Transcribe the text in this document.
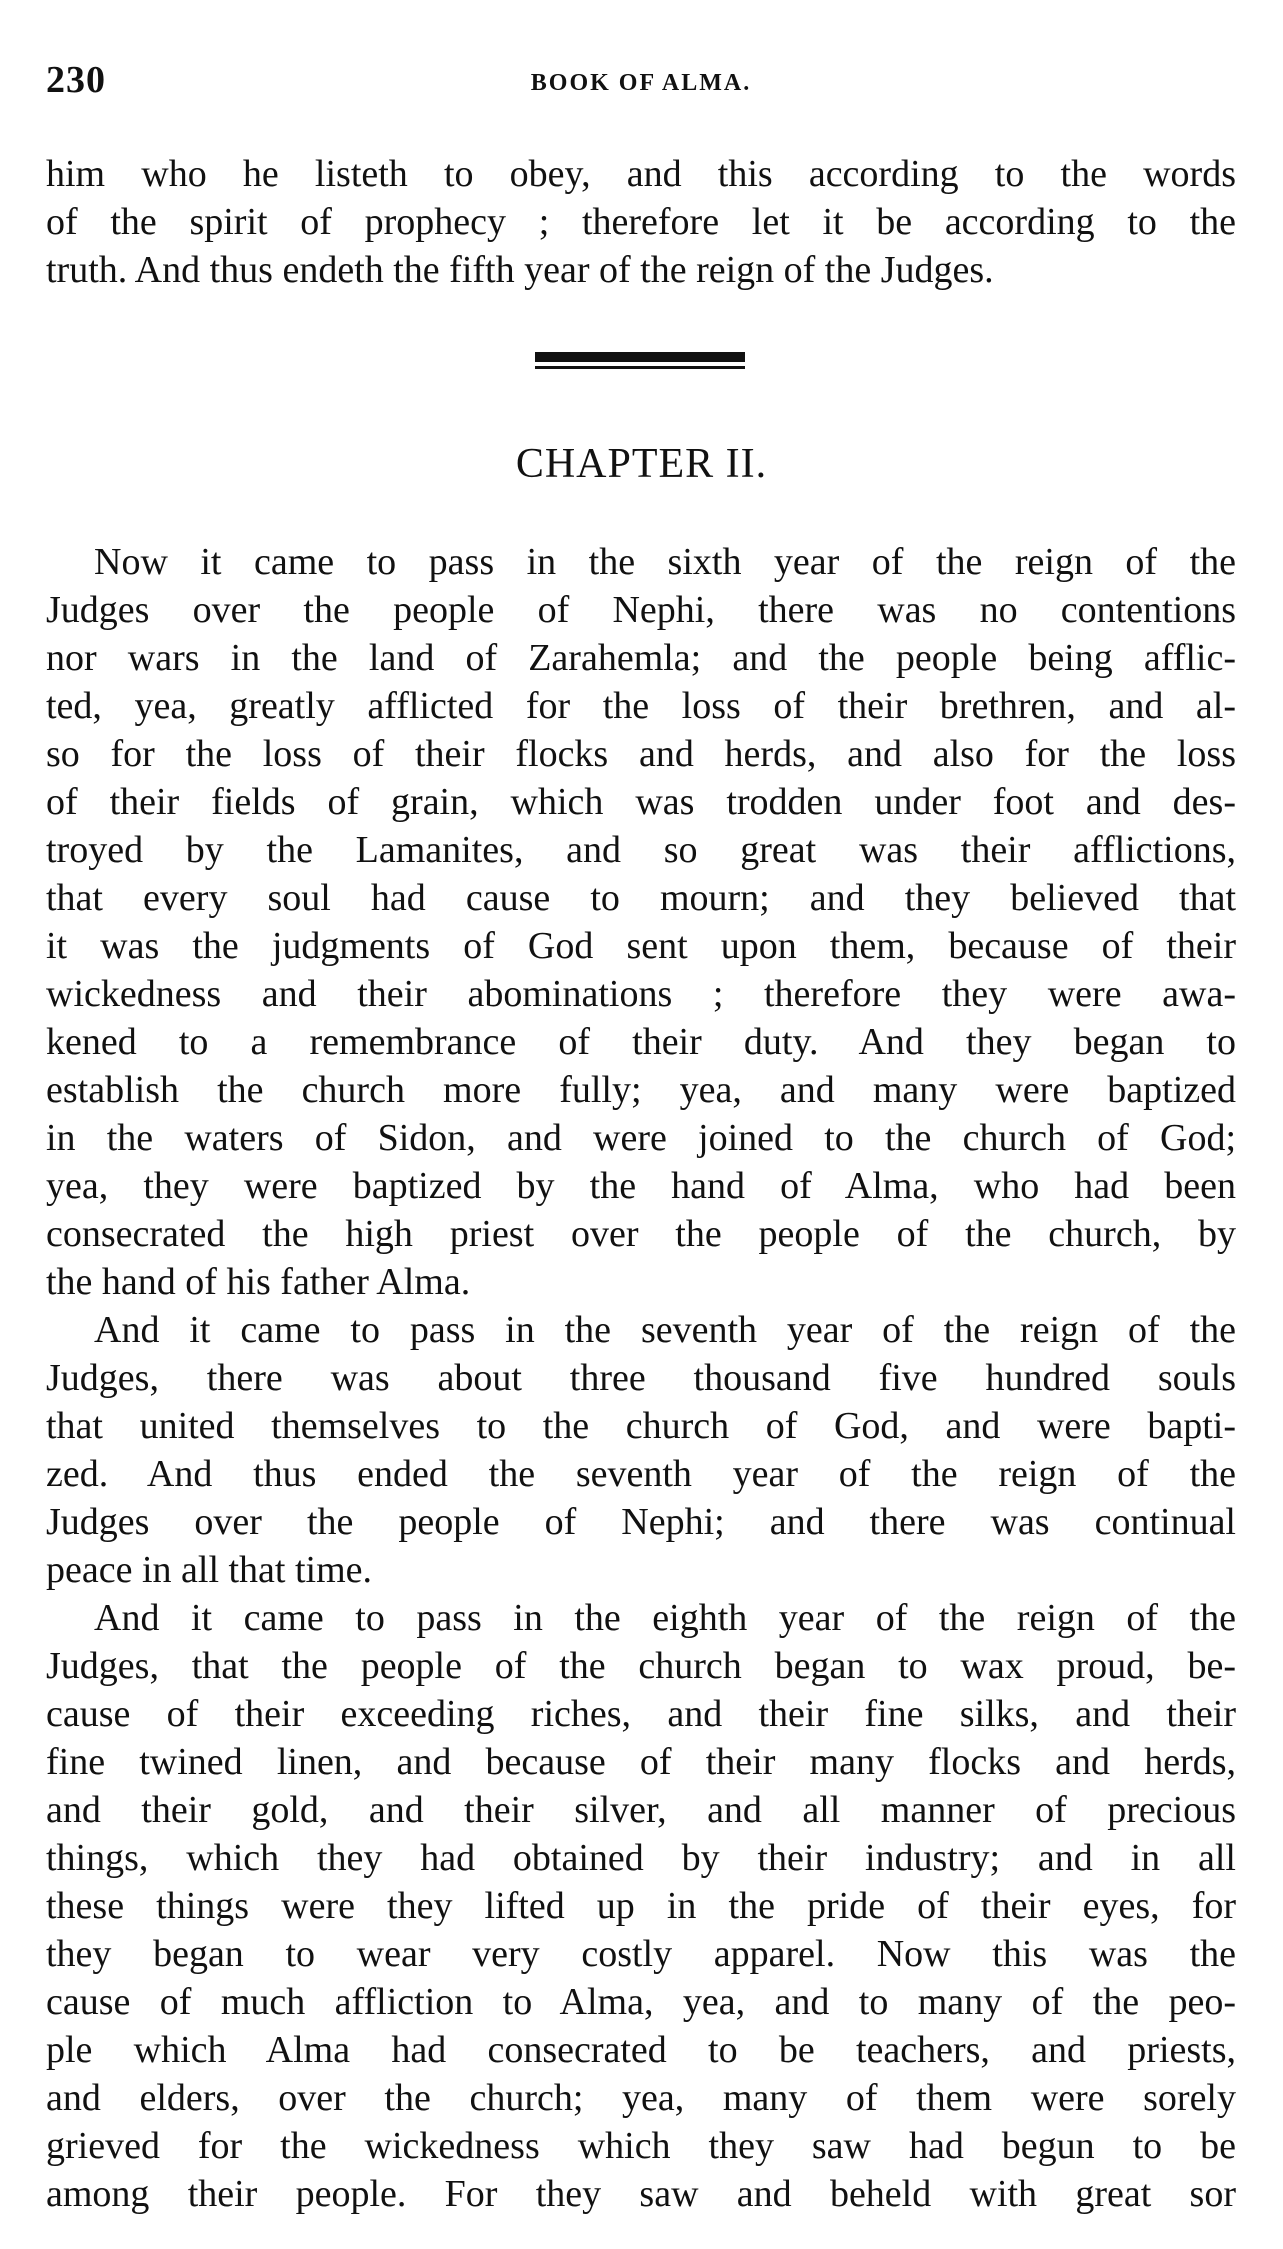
230	BOOK OF ALMA.
him who he listeth to obey, and this according to the words
of the spirit of prophecy ; therefore let it be according to the
truth. And thus endeth the fifth year of the reign of the Judges.
CHAPTER II.
Now it came to pass in the sixth year of the reign of the
Judges over the people of Nephi, there was no contentions
nor wars in the land of Zarahemla; and the people being afflic-
ted, yea, greatly afflicted for the loss of their brethren, and al-
so for the loss of their flocks and herds, and also for the loss
of their fields of grain, which was trodden under foot and des-
troyed by the Lamanites, and so great was their afflictions,
that every soul had cause to mourn; and they believed that
it was the judgments of God sent upon them, because of their
wickedness and their abominations ; therefore they were awa-
kened to a remembrance of their duty. And they began to
establish the church more fully; yea, and many were baptized
in the waters of Sidon, and were joined to the church of God;
yea, they were baptized by the hand of Alma, who had been
consecrated the high priest over the people of the church, by
the hand of his father Alma.
And it came to pass in the seventh year of the reign of the
Judges, there was about three thousand five hundred souls
that united themselves to the church of God, and were bapti-
zed. And thus ended the seventh year of the reign of the
Judges over the people of Nephi; and there was continual
peace in all that time.
And it came to pass in the eighth year of the reign of the
Judges, that the people of the church began to wax proud, be-
cause of their exceeding riches, and their fine silks, and their
fine twined linen, and because of their many flocks and herds,
and their gold, and their silver, and all manner of precious
things, which they had obtained by their industry; and in all
these things were they lifted up in the pride of their eyes, for
they began to wear very costly apparel. Now this was the
cause of much affliction to Alma, yea, and to many of the peo-
ple which Alma had consecrated to be teachers, and priests,
and elders, over the church; yea, many of them were sorely
grieved for the wickedness which they saw had begun to be
among their people. For they saw and beheld with great sor
